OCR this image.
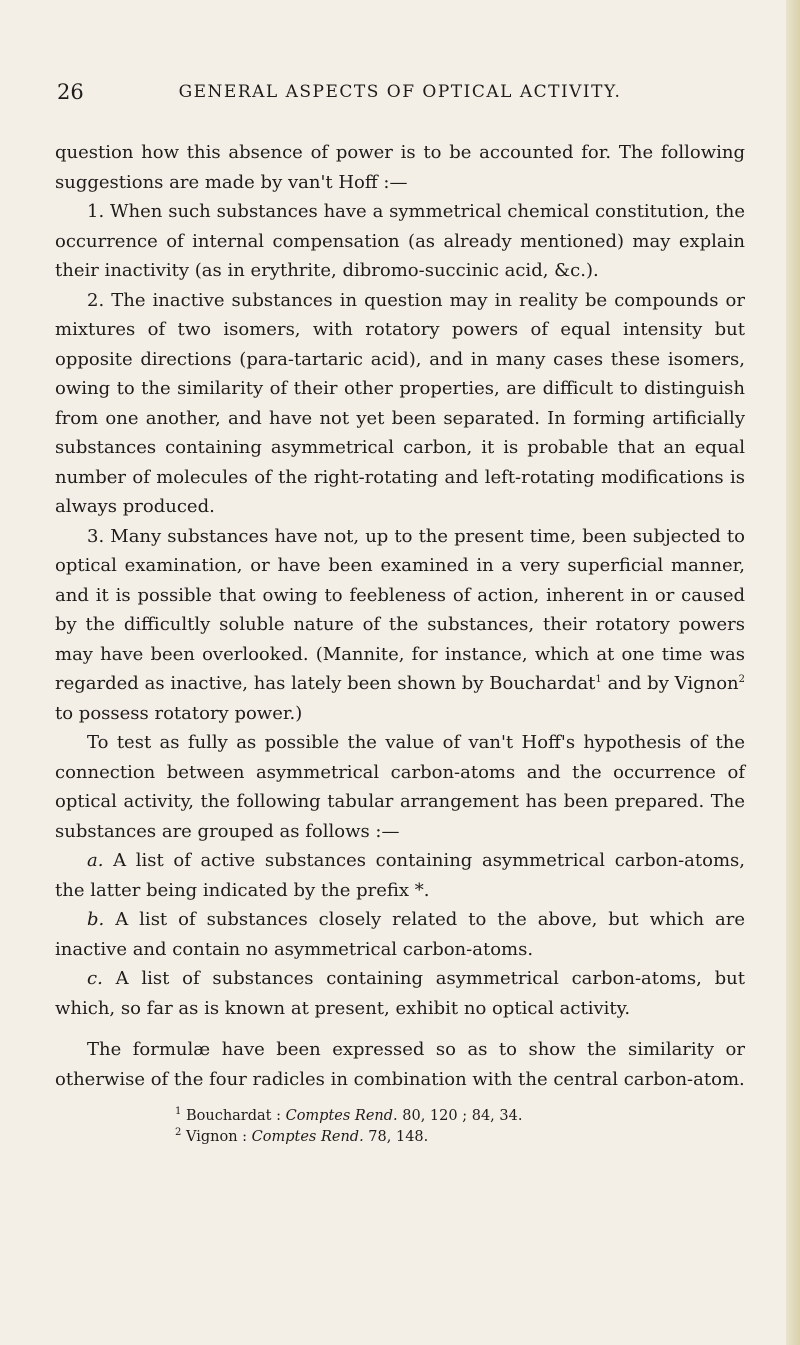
26	GENERAL ASPECTS OF OPTICAL ACTIVITY.

question how this absence of power is to be accounted for. The following suggestions are made by van't Hoff :—

1. When such substances have a symmetrical chemical constitution, the occurrence of internal compensation (as already mentioned) may explain their inactivity (as in erythrite, dibromo-succinic acid, &c.).

2. The inactive substances in question may in reality be compounds or mixtures of two isomers, with rotatory powers of equal intensity but opposite directions (para-tartaric acid), and in many cases these isomers, owing to the similarity of their other properties, are difficult to distinguish from one another, and have not yet been separated. In forming artificially substances containing asymmetrical carbon, it is probable that an equal number of molecules of the right-rotating and left-rotating modifications is always produced.

3. Many substances have not, up to the present time, been subjected to optical examination, or have been examined in a very superficial manner, and it is possible that owing to feebleness of action, inherent in or caused by the difficultly soluble nature of the substances, their rotatory powers may have been overlooked. (Mannite, for instance, which at one time was regarded as inactive, has lately been shown by Bouchardat$^1$ and by Vignon$^2$ to possess rotatory power.)

To test as fully as possible the value of van't Hoff's hypothesis of the connection between asymmetrical carbon-atoms and the occurrence of optical activity, the following tabular arrangement has been prepared. The substances are grouped as follows :—

a. A list of active substances containing asymmetrical carbon-atoms, the latter being indicated by the prefix *.

b. A list of substances closely related to the above, but which are inactive and contain no asymmetrical carbon-atoms.

c. A list of substances containing asymmetrical carbon-atoms, but which, so far as is known at present, exhibit no optical activity.

The formulæ have been expressed so as to show the similarity or otherwise of the four radicles in combination with the central carbon-atom.

$^1$ Bouchardat : Comptes Rend. 80, 120 ; 84, 34.
$^2$ Vignon : Comptes Rend. 78, 148.
